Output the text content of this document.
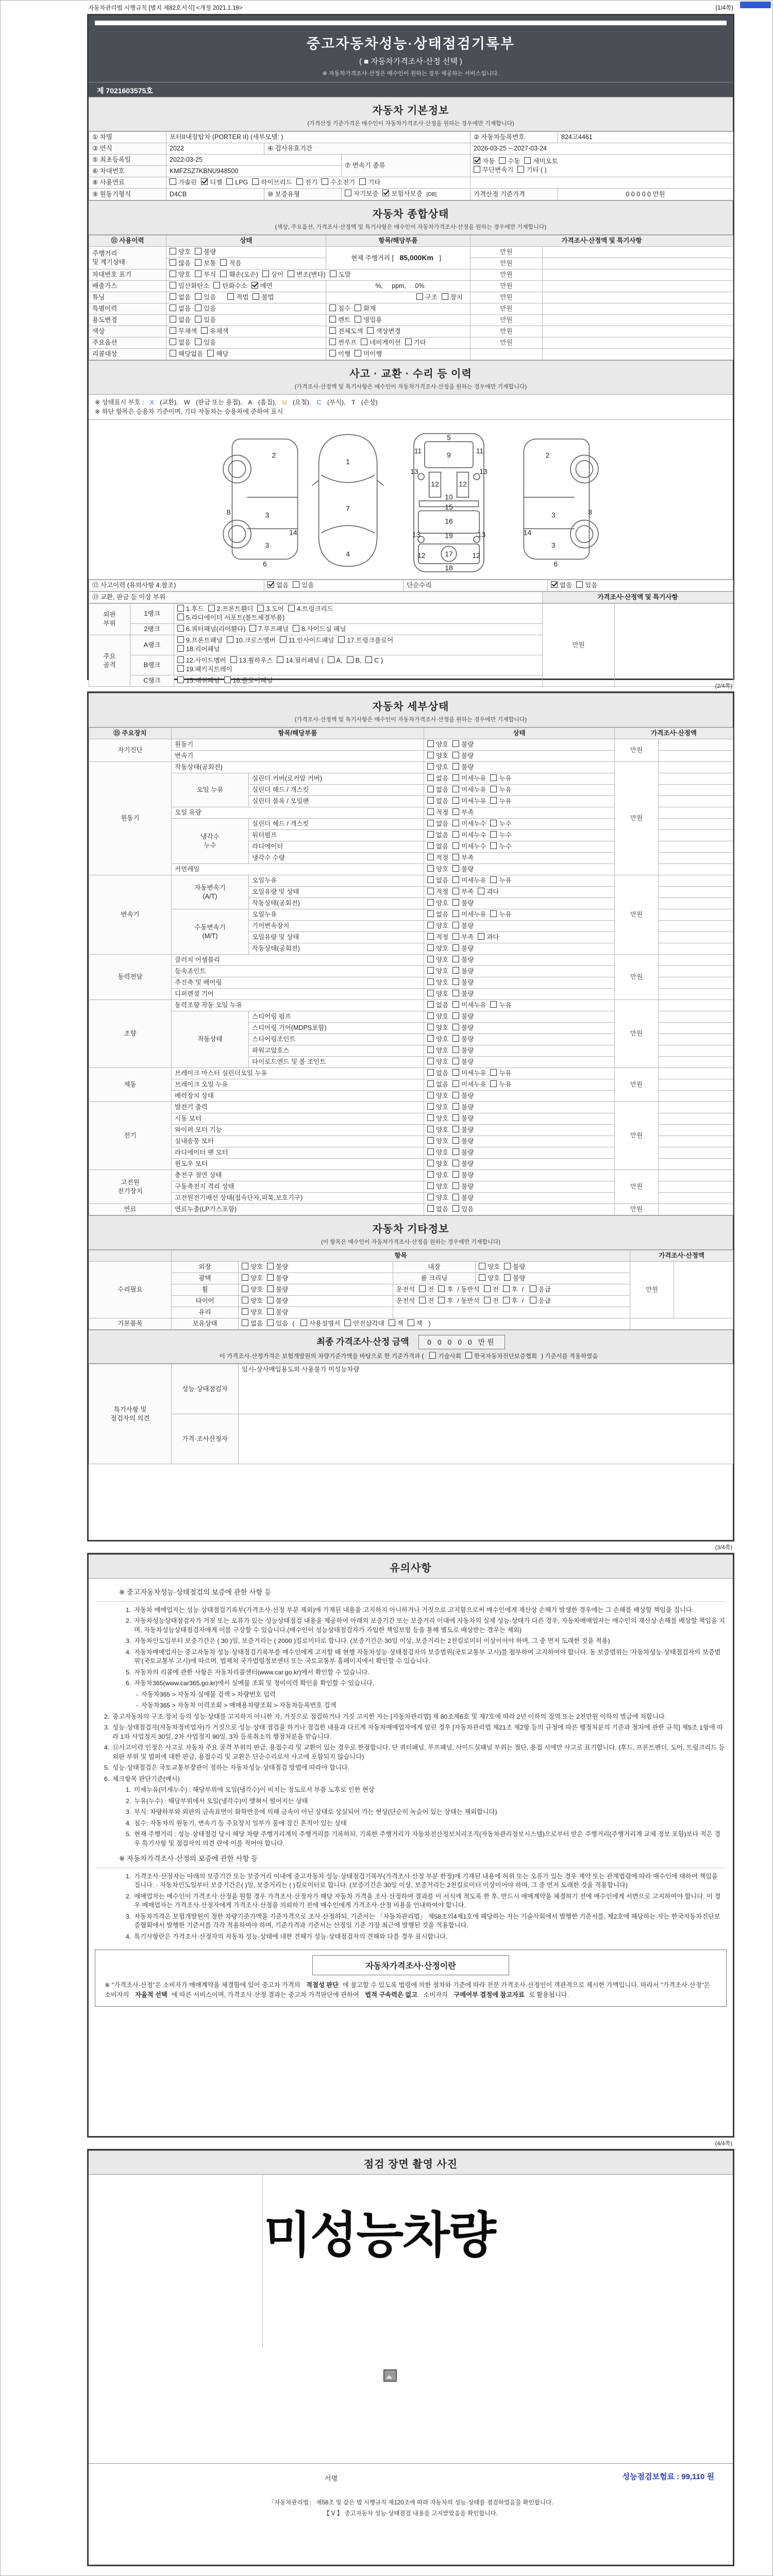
자동차관리법 시행규칙 [별지 제82호서식] <개정 2021.1.19>	(1/4쪽)
중고자동차성능·상태점검기록부
( ■ 자동차가격조사·산정 선택 )
※ 자동차가격조사·산정은 매수인이 원하는 경우 제공하는 서비스입니다.
제 7021603575호
자동차 기본정보
(가격산정 기준가격은 매수인이 자동차가격조사·산정을 원하는 경우에만 기재합니다)
① 차명	포터II내장탑차 (PORTER II) (세부모델: )			② 자동차등록번호	824고4461
③ 연식	2022	④ 검사유효기간		2026-03-25 ~ 2027-03-24	
⑤ 최초등록일	2022-03-25		⑦ 변속기 종류	자동 수동 세미오토
무단변속기 기타 ( )	
⑥ 차대번호	KMFZSZ7KBNU948500				
⑧ 사용연료	가솔린 디젤 LPG 하이브리드 전기 수소전기 기타				
⑨ 원동기형식	D4CB	⑩ 보증유형	자기보증 보험사보증 [DB]	가격산정 기준가격	0 0 0 0 0 만원
자동차 종합상태
(색상, 주요옵션, 가격조사·산정액 및 특기사항은 매수인이 자동차가격조사·산정을 원하는 경우에만 기재합니다)
⑪ 사용이력	상태	항목/해당부품	가격조사·산정액 및 특기사항	
주행거리
및 계기상태	양호 불량	현재 주행거리 [ 85,000Km ]	만원	
	많음 보통 적음		만원	
차대번호 표기	양호 부식 훼손(오손) 상이 변조(변타) 도말		만원	
배출가스	일산화탄소 탄화수소 매연	%,     ppm,     0%	만원	
튜닝	없음 있음 적법 불법	구조 장치	만원	
특별이력	없음 있음	침수 화재	만원	
용도변경	없음 있음	렌트 영업용	만원	
색상	무채색 유채색	전체도색 색상변경	만원	
주요옵션	없음 있음	썬루프 네비게이션 기타	만원	
리콜대상	해당없음 해당	이행 미이행		
사고 · 교환 · 수리 등 이력
(가격조사·산정액 및 특기사항은 매수인이 자동차가격조사·산정을 원하는 경우에만 기재합니다)
※ 상태표시 부호 : X (교환), W (판금 또는 용접), A (흠집), U (요철), C (부식), T (손상)
※ 하단 항목은 승용차 기준이며, 기타 자동차는 승용차에 준하여 표시
2
8	3
14
3
6
1
7
4
5
9
11	11
13	13
12 12
10
15
16
19
13	13
12 17 12
18
2
8
3
14
3
6
⑫ 사고이력 (유의사항 4.참조)	없음 있음	단순수리	없음 있음
⑬ 교환, 판금 등 이상 부위	가격조사·산정액 및 특기사항
외판
부위	1랭크	1.후드 2.프론트휀더 3.도어 4.트렁크리드
5.라디에이터 서포트(볼트체결부품)	만원	
	2랭크	6.쿼터패널(리어휀다) 7.루프패널 8.사이드실 패널		
주요
골격	A랭크	9.프론트패널 10.크로스멤버 11.인사이드패널 17.트렁크플로어
18.리어패널		
	B랭크	12.사이드멤버 13.휠하우스 14.필러패널 ( A, B, C )
19.패키지트레이		
	C랭크	15.대쉬패널 16.플로어패널		
(2/4쪽)
자동차 세부상태
(가격조사·산정액 및 특기사항은 매수인이 자동차가격조사·산정을 원하는 경우에만 기재합니다)
⑮ 주요장치	항목/해당부품		상태	가격조사·산정액	
자기진단	원동기		양호 불량	만원	
	변속기		양호 불량		
원동기	작동상태(공회전)		양호 불량	만원	
	오일 누유	실린더 커버(로커암 커버)	없음 미세누유 누유		
		실린더 헤드 / 개스킷	없음 미세누유 누유		
		실린더 블록 / 오일팬	없음 미세누유 누유		
	오일 유량		적정 부족		
	냉각수
누수	실린더 헤드 / 개스킷	없음 미세누수 누수		
		워터펌프	없음 미세누수 누수		
		라디에이터	없음 미세누수 누수		
		냉각수 수량	적정 부족		
	커먼레일		양호 불량		
변속기	자동변속기
(A/T)	오일누유	없음 미세누유 누유	만원	
		오일유량 및 상태	적정 부족 과다		
		작동상태(공회전)	양호 불량		
	수동변속기
(M/T)	오일누유	없음 미세누유 누유		
		기어변속장치	양호 불량		
		오일유량 및 상태	적정 부족 과다		
		작동상태(공회전)	양호 불량		
동력전달	클러치 어셈블리		양호 불량	만원	
	등속죠인트		양호 불량		
	추진축 및 베어링		양호 불량		
	디퍼렌셜 기어		양호 불량		
조향	동력조향 작동 오일 누유		없음 미세누유 누유	만원	
	작동상태	스티어링 펌프	양호 불량		
		스티어링 기어(MDPS포함)	양호 불량		
		스티어링조인트	양호 불량		
		파워고압호스	양호 불량		
		타이로드엔드 및 볼 조인트	양호 불량		
제동	브레이크 마스터 실린더오일 누유		없음 미세누유 누유	만원	
	브레이크 오일 누유		없음 미세누유 누유		
	배력장치 상태		양호 불량		
전기	발전기 출력		양호 불량	만원	
	시동 모터		양호 불량		
	와이퍼 모터 기능		양호 불량		
	실내송풍 모터		양호 불량		
	라디에이터 팬 모터		양호 불량		
	윈도우 모터		양호 불량		
고전원
전기장치	충전구 절연 상태		양호 불량	만원	
	구동축전지 격리 상태		양호 불량		
	고전원전기배선 상태(접속단자,피복,보호기구)		양호 불량		
연료	연료누출(LP가스포함)		없음 있음	만원	
자동차 기타정보
(이 항목은 매수인이 자동차가격조사·산정을 원하는 경우에만 기재합니다)
	항목				가격조사·산정액	
수리필요	외장	양호 불량	내장	양호 불량	만원	
	광택	양호 불량	룸 크리닝	양호 불량		
	휠	양호 불량	운전석 전 후 / 동반석 전 후 / 응급			
	타이어	양호 불량	운전석 전 후 / 동반석 전 후 / 응급			
	유리	양호 불량				
기본품목	보유상태	없음 있음 ( 사용설명서 안전삼각대 잭 잭 )				
최종 가격조사·산정 금액	0 0 0 0 0 만원
이 가격조사·산정가격은 보험개발원의 차량기준가액을 바탕으로 한 기준가격과 ( 기술사회 한국자동차진단보증협회 ) 기준서를 적용하였음
특기사항 및
점검자의 의견	성능·상태점검자	임시-상사매입용도외 사용불가 미성능차량
	가격·조사산정자	
(3/4쪽)
유의사항
※ 중고자동차성능·상태점검의 보증에 관한 사항 등
1. 자동차 매매업자는 성능·상태점검기록부(가격조사·산정 부분 제외)에 기재된 내용을 고지하지 아니하거나 거짓으로 고지함으로써 매수인에게 재산상 손해가 발생한 경우에는 그 손해를 배상할 책임을 집니다.
2. 자동차성능상태점검자가 거짓 또는 오류가 있는 성능상태점검 내용을 제공하여 아래의 보증기간 또는 보증거리 이내에 자동차의 실제 성능·상태가 다른 경우, 자동차매매업자는 매수인의 재산상 손해를 배상할 책임을 지며, 자동차성능상태점검자에게 이를 구상할 수 있습니다.(매수인이 성능상태점검자가 가입한 책임보험 등을 통해 별도로 배상받는 경우는 제외)
3. 자동차인도일부터 보증기간은 ( 30 )일, 보증거리는 ( 2000 )킬로미터로 합니다. (보증기간은 30일 이상, 보증거리는 2천킬로미터 이상이어야 하며, 그 중 먼저 도래한 것을 적용)
4. 자동차매매업자는 중고자동차 성능·상태점검기록부를 매수인에게 고지할 때 현행 자동차성능·상태점검자의 보증범위(국토교통부 고시)를 첨부하여 고지하여야 합니다. 동 보증범위는 '자동차성능·상태점검자의 보증범위'(국토교통부 고시)에 따르며, 법제처 국가법령정보센터 또는 국토교통부 홈페이지에서 확인할 수 있습니다.
5. 자동차의 리콜에 관한 사항은 자동차리콜센터(www.car.go.kr)에서 확인할 수 있습니다.
6. 자동차365(www.car365.go.kr)에서 실매물 조회 및 정비이력 확인을 확인할 수 있습니다.
- 자동차365 > 자동차 실매물 검색 > 차량번호 입력
- 자동차365 > 자동차 이력조회 > 매매용차량조회 > 자동차등록번호 검색
2. 중고자동차의 구조·장치 등의 성능·상태를 고지하지 아니한 자, 거짓으로 점검하거나 거짓 고지한 자는 [자동차관리법] 제 80조제6호 및 제7호에 따라 2년 이하의 징역 또는 2천만원 이하의 벌금에 처합니다.
3. 성능·상태점검자(자동차정비업자)가 거짓으로 성능·상태 점검을 하거나 점검한 내용과 다르게 자동차매매업자에게 알린 경우 [자동차관리법 제21조 제2항 등의 규정에 따른 행정처분의 기준과 절차에 관한 규칙] 제5조 1항에 따라 1차 사업정지 30일, 2차 사업정지 90일, 3차 등록취소의 행정처분을 받습니다.
4. ⑫사고이력 인정은 사고로 자동차 주요 골격 부위의 판금, 용접수리 및 교환이 있는 경우로 한정합니다. 단 쿼터패널, 루프패널, 사이드실패널 부위는 절단, 용접 시에만 사고로 표기합니다. (후드, 프론트펜더, 도어, 트렁크리드 등 외판 부위 및 범퍼에 대한 판금, 용접수리 및 교환은 단순수리로서 사고에 포함되지 않습니다)
5. 성능·상태점검은 국토교통부장관이 정하는 자동차성능·상태점검 방법에 따라야 합니다.
6. 체크항목 판단기준(예시)
1. 미세누유(미세누수) : 해당부위에 오일(냉각수)이 비치는 정도로서 부품 노후로 인한 현상
2. 누유(누수) : 해당부위에서 오일(냉각수)이 맺혀서 떨어지는 상태
3. 부식: 차량하부와 외판의 금속표면이 화학반응에 의해 금속이 아닌 상태로 상실되어 가는 현상(단순히 녹슬어 있는 상태는 제외합니다)
4. 침수: 자동차의 원동기, 변속기 등 주요장치 일부가 물에 잠긴 흔적이 있는 상태
5. 현재 주행거리 : 성능·상태점검 당시 해당 차량 주행거리계의 주행거리를 기록하되, 기록한 주행거리가 자동차전산정보처리조직(자동차관리정보시스템)으로부터 받은 주행거리(주행거리계 교체 정보 포함)보다 적은 경우 특기사항 및 점검자의 의견 란에 이를 적어야 합니다.
※ 자동차가격조사·산정의 보증에 관한 사항 등
1. 가격조사·산정자는 아래의 보증기간 또는 보증거리 이내에 중고자동차 성능·상태점검기록부(가격조사·산정 부분 한정)에 기재된 내용에 허위 또는 오류가 있는 경우 계약 또는 관계법령에 따라 매수인에 대하여 책임을 집니다. · 자동차인도일부터 보증기간은( )일, 보증거리는 ( )킬로미터로 합니다. (보증기간은 30일 이상, 보증거리는 2천킬로미터 이상이어야 하며, 그 중 먼저 도래한 것을 적용합니다)
2. 매매업자는 매수인이 가격조사·산정을 원할 경우 가격조사·산정자가 해당 자동차 가격을 조사·산정하여 결과를 이 서식에 적도록 한 후, 반드시 매매계약을 체결하기 전에 매수인에게 서면으로 고지하여야 합니다. 이 경우 매매업자는 가격조사·산정자에게 가격조사·산정을 의뢰하기 전에 매수인에게 가격조사·산정 비용을 안내하여야 합니다.
3. 자동차가격은 보험개발원이 정한 차량기준가액을 기준가격으로 조사·산정하되, 기준서는 「자동차관리법」 제58조의4제1호에 해당하는 자는 기술사회에서 발행한 기준서를, 제2호에 해당하는 자는 한국자동차진단보증협회에서 발행한 기준서를 각각 적용하여야 하며, 기준가격과 기준서는 산정일 기준 가장 최근에 발행된 것을 적용합니다.
4. 특기사항란은 가격조사·산정자의 자동차 성능·상태에 대한 견해가 성능·상태점검자의 견해와 다를 경우 표시합니다.
자동차가격조사·산정이란

※ "가격조사·산정"은 소비자가 매매계약을 체결함에 있어 중고차 가격의 적절성 판단 에 참고할 수 있도록 법령에 의한 절차와 기준에 따라 전문 가격조사·산정인이 객관적으로 제시한 가액입니다. 따라서 "가격조사·산정"은 소비자의 자율적 선택 에 따른 서비스이며, 가격조사·산정 결과는 중고차 가격판단에 관하여 법적 구속력은 없고 소비자의 구매여부 결정에 참고자료 로 활용됩니다.

(4/4쪽)
점검 장면 촬영 사진
미성능차량
서명	성능점검보험료 : 99,110 원
「자동차관리법」 제58조 및 같은 법 시행규칙 제120조에 따라 자동차의 성능·상태를 점검하였음을 확인합니다.
【 V 】 중고자동차 성능·상태점검 내용을 고지받았음을 확인합니다.
